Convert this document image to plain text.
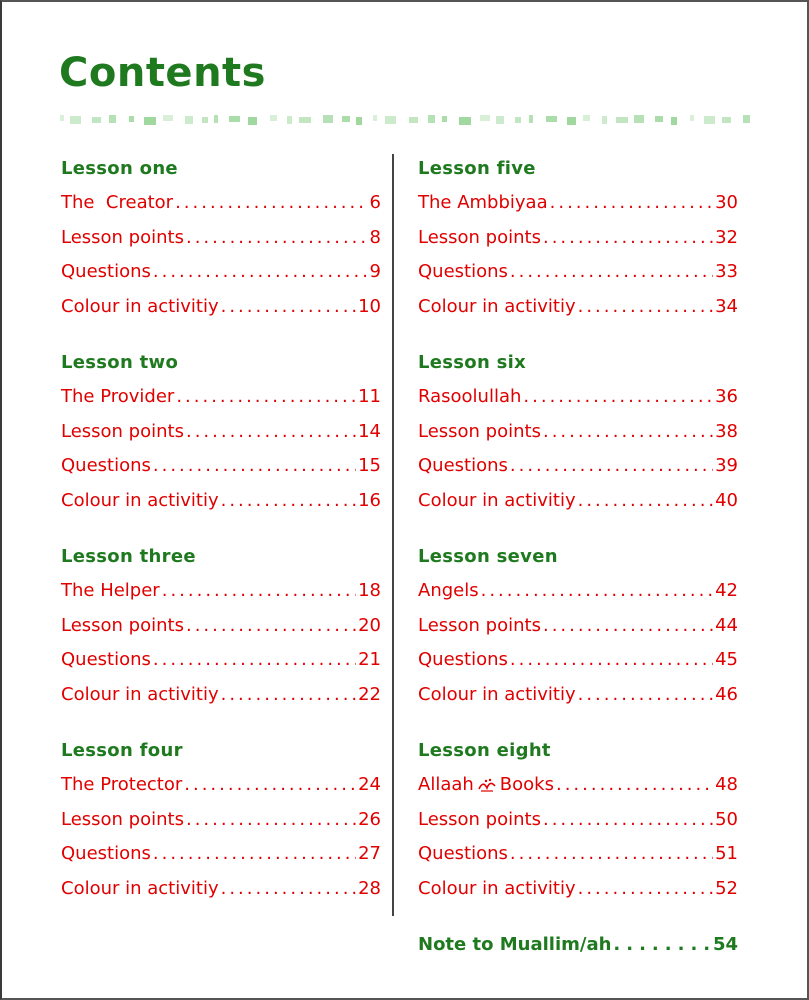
Contents
Lesson one
The  Creator .....	6
Lesson points .....	8
Questions .....	9
Colour in activitiy .....	10
Lesson two
The Provider .....	11
Lesson points .....	14
Questions .....	15
Colour in activitiy .....	16
Lesson three
The Helper .....	18
Lesson points .....	20
Questions .....	21
Colour in activitiy .....	22
Lesson four
The Protector .....	24
Lesson points .....	26
Questions .....	27
Colour in activitiy .....	28
Lesson five
The Ambbiyaa .....	30
Lesson points .....	32
Questions .....	33
Colour in activitiy .....	34
Lesson six
Rasoolullah .....	36
Lesson points .....	38
Questions .....	39
Colour in activitiy .....	40
Lesson seven
Angels .....	42
Lesson points .....	44
Questions .....	45
Colour in activitiy .....	46
Lesson eight
Allaah Books .....	48
Lesson points .....	50
Questions .....	51
Colour in activitiy .....	52
Note to Muallim/ah .....	54
